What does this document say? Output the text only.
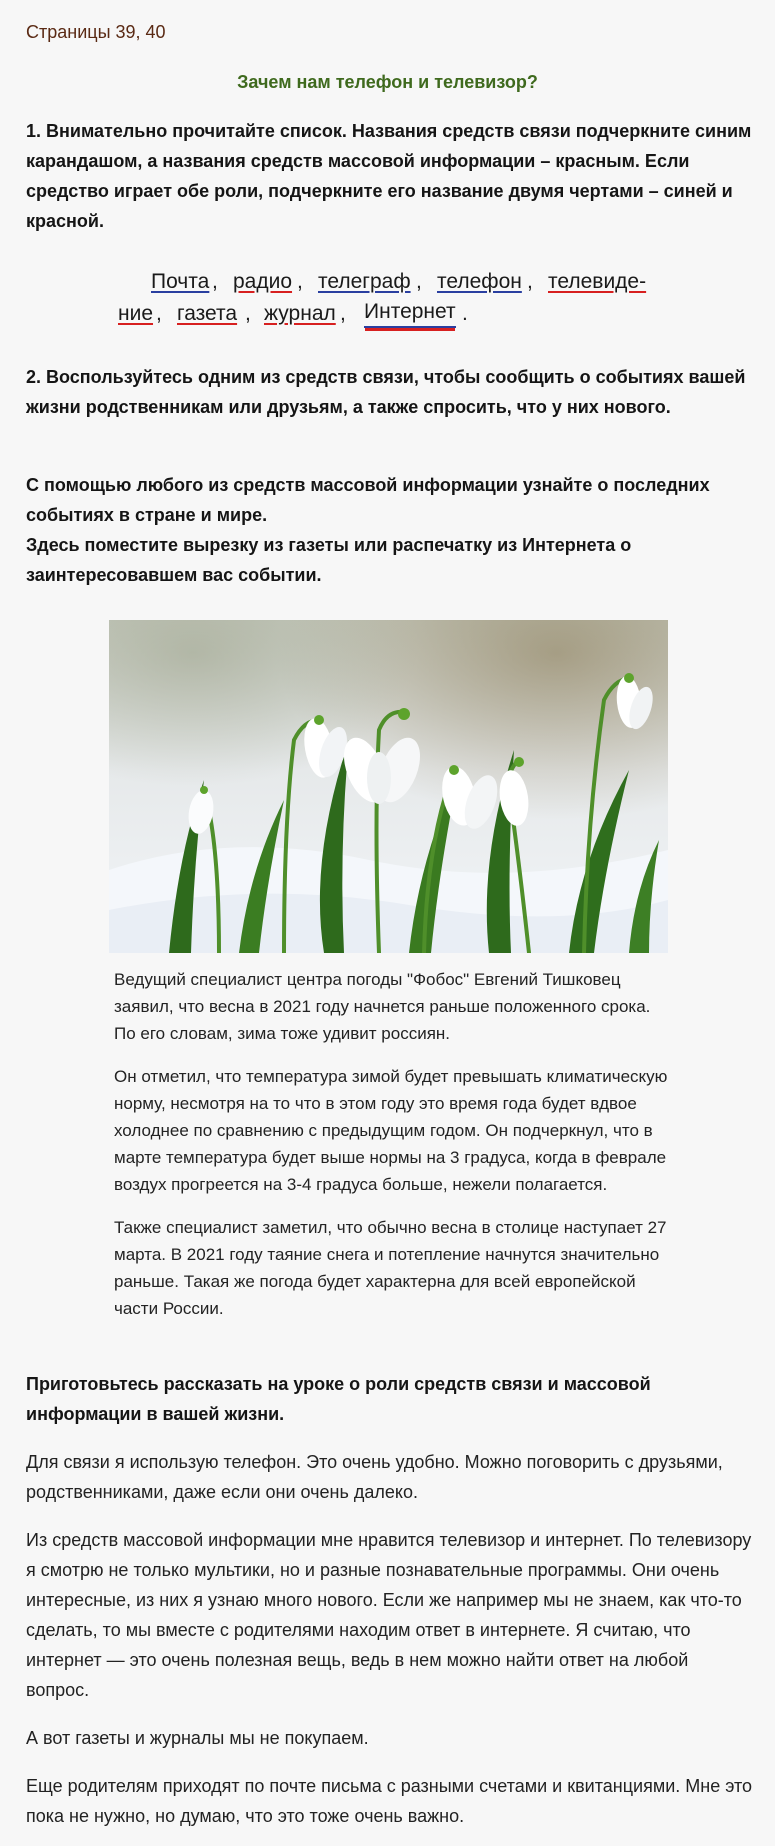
Страницы 39, 40
Зачем нам телефон и телевизор?
1. Внимательно прочитайте список. Названия средств связи подчеркните синим карандашом, а названия средств массовой информации – красным. Если средство играет обе роли, подчеркните его название двумя чертами – синей и красной.
Почта , радио , телеграф , телефон , телевиде-
ние , газета , журнал , Интернет .
2. Воспользуйтесь одним из средств связи, чтобы сообщить о событиях вашей жизни родственникам или друзьям, а также спросить, что у них нового.
С помощью любого из средств массовой информации узнайте о последних событиях в стране и мире.
Здесь поместите вырезку из газеты или распечатку из Интернета о заинтересовавшем вас событии.

Ведущий специалист центра погоды "Фобос" Евгений Тишковец заявил, что весна в 2021 году начнется раньше положенного срока. По его словам, зима тоже удивит россиян.

Он отметил, что температура зимой будет превышать климатическую норму, несмотря на то что в этом году это время года будет вдвое холоднее по сравнению с предыдущим годом. Он подчеркнул, что в марте температура будет выше нормы на 3 градуса, когда в феврале воздух прогреется на 3-4 градуса больше, нежели полагается.

Также специалист заметил, что обычно весна в столице наступает 27 марта. В 2021 году таяние снега и потепление начнутся значительно раньше. Такая же погода будет характерна для всей европейской части России.

Приготовьтесь рассказать на уроке о роли средств связи и массовой информации в вашей жизни.

Для связи я использую телефон. Это очень удобно. Можно поговорить с друзьями, родственниками, даже если они очень далеко.

Из средств массовой информации мне нравится телевизор и интернет. По телевизору я смотрю не только мультики, но и разные познавательные программы. Они очень интересные, из них я узнаю много нового. Если же например мы не знаем, как что-то сделать, то мы вместе с родителями находим ответ в интернете. Я считаю, что интернет — это очень полезная вещь, ведь в нем можно найти ответ на любой вопрос.

А вот газеты и журналы мы не покупаем.

Еще родителям приходят по почте письма с разными счетами и квитанциями. Мне это пока не нужно, но думаю, что это тоже очень важно.
